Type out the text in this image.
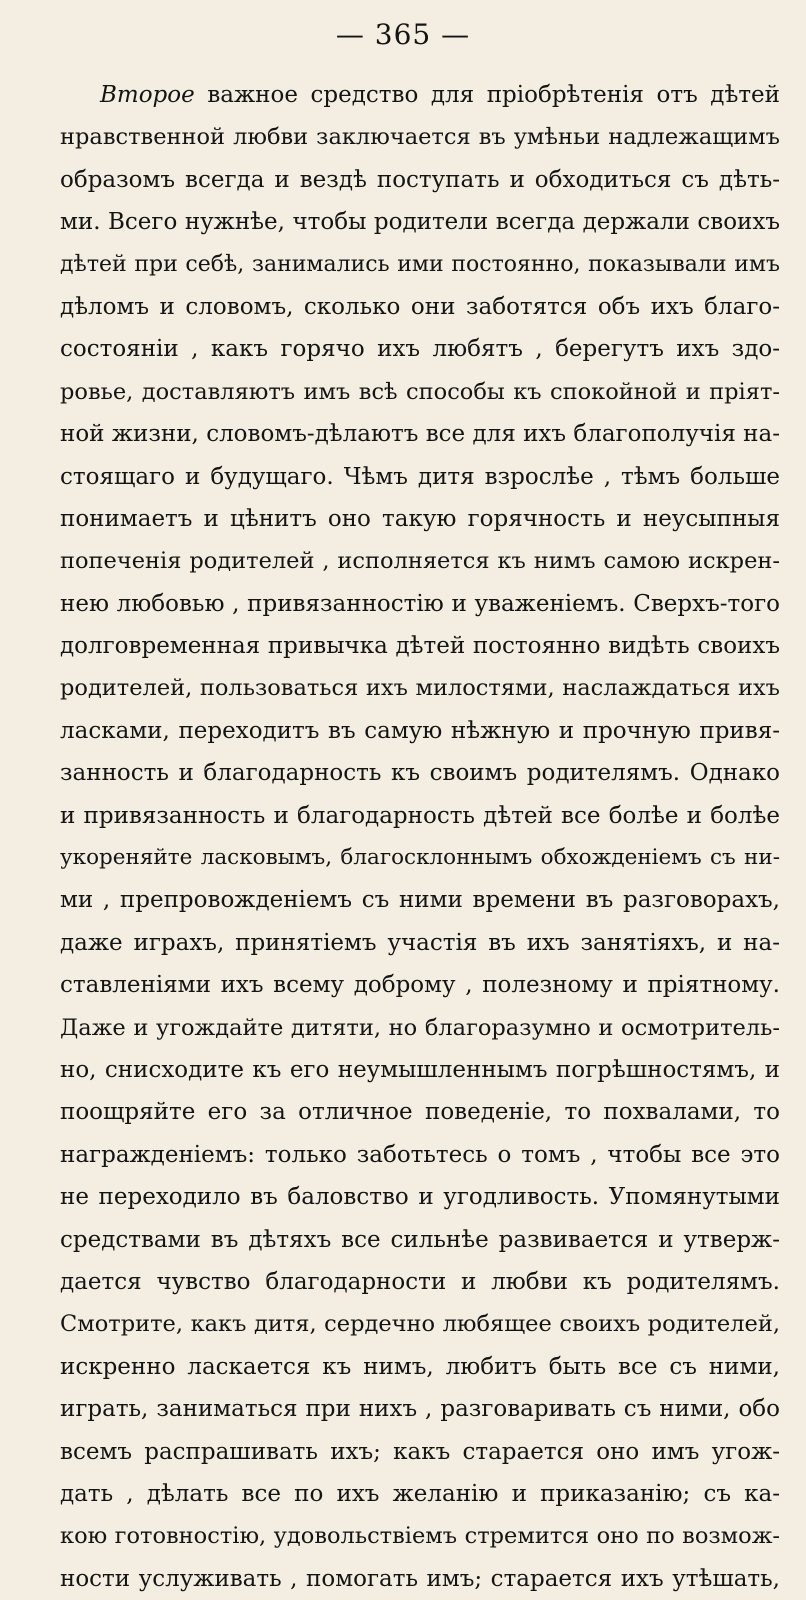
— 365 —
Второе важное средство для пріобрѣтенія отъ дѣтей
нравственной любви заключается въ умѣньи надлежащимъ
образомъ всегда и вездѣ поступать и обходиться съ дѣть-
ми. Всего нужнѣе, чтобы родители всегда держали своихъ
дѣтей при себѣ, занимались ими постоянно, показывали имъ
дѣломъ и словомъ, сколько они заботятся объ ихъ благо-
состояніи , какъ горячо ихъ любятъ , берегутъ ихъ здо-
ровье, доставляютъ имъ всѣ способы къ спокойной и пріят-
ной жизни, словомъ-дѣлаютъ все для ихъ благополучія на-
стоящаго и будущаго. Чѣмъ дитя взрослѣе , тѣмъ больше
понимаетъ и цѣнитъ оно такую горячность и неусыпныя
попеченія родителей , исполняется къ нимъ самою искрен-
нею любовью , привязанностію и уваженіемъ. Сверхъ-того
долговременная привычка дѣтей постоянно видѣть своихъ
родителей, пользоваться ихъ милостями, наслаждаться ихъ
ласками, переходитъ въ самую нѣжную и прочную привя-
занность и благодарность къ своимъ родителямъ. Однако
и привязанность и благодарность дѣтей все болѣе и болѣе
укореняйте ласковымъ, благосклоннымъ обхожденіемъ съ ни-
ми , препровожденіемъ съ ними времени въ разговорахъ,
даже играхъ, принятіемъ участія въ ихъ занятіяхъ, и на-
ставленіями ихъ всему доброму , полезному и пріятному.
Даже и угождайте дитяти, но благоразумно и осмотритель-
но, снисходите къ его неумышленнымъ погрѣшностямъ, и
поощряйте его за отличное поведеніе, то похвалами, то
награжденіемъ: только заботьтесь о томъ , чтобы все это
не переходило въ баловство и угодливость. Упомянутыми
средствами въ дѣтяхъ все сильнѣе развивается и утверж-
дается чувство благодарности и любви къ родителямъ.
Смотрите, какъ дитя, сердечно любящее своихъ родителей,
искренно ласкается къ нимъ, любитъ быть все съ ними,
играть, заниматься при нихъ , разговаривать съ ними, обо
всемъ распрашивать ихъ; какъ старается оно имъ угож-
дать , дѣлать все по ихъ желанію и приказанію; съ ка-
кою готовностію, удовольствіемъ стремится оно по возмож-
ности услуживать , помогать имъ; старается ихъ утѣшать,
